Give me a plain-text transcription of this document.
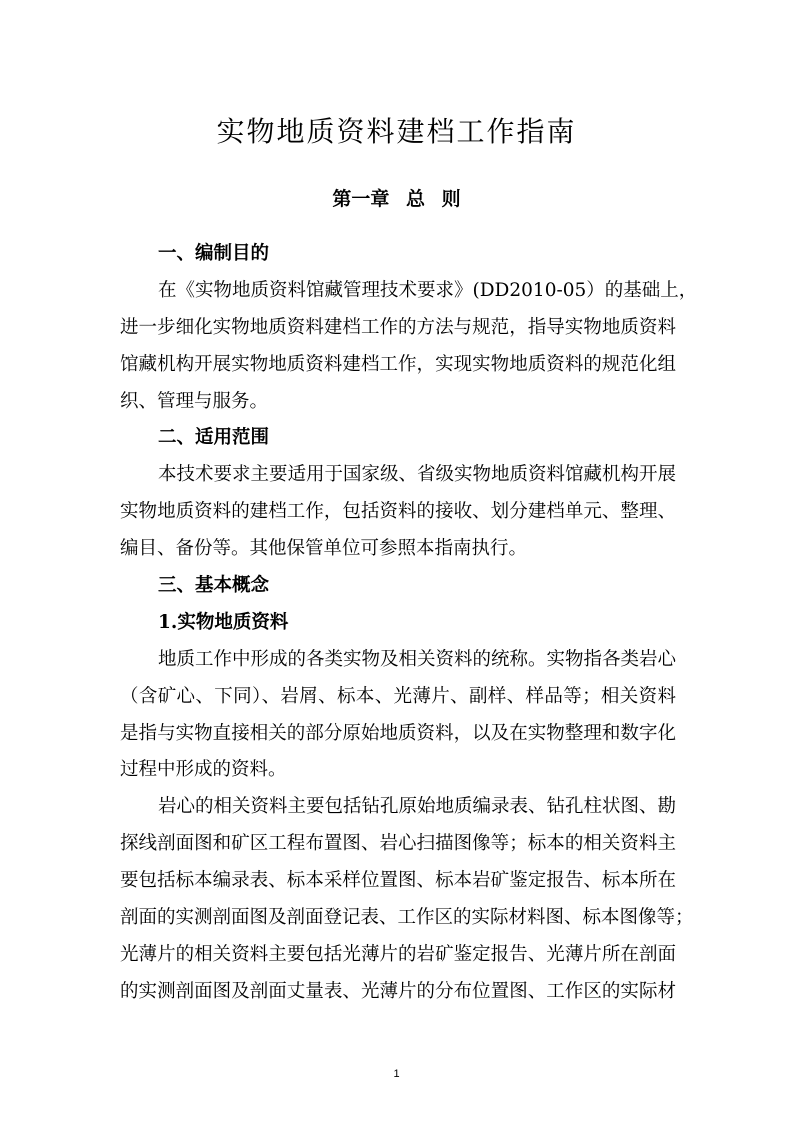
实物地质资料建档工作指南
第一章 总 则
一、编制目的
在《实物地质资料馆藏管理技术要求》(DD2010-05）的基础上，
进一步细化实物地质资料建档工作的方法与规范，指导实物地质资料
馆藏机构开展实物地质资料建档工作，实现实物地质资料的规范化组
织、管理与服务。
二、适用范围
本技术要求主要适用于国家级、省级实物地质资料馆藏机构开展
实物地质资料的建档工作，包括资料的接收、划分建档单元、整理、
编目、备份等。其他保管单位可参照本指南执行。
三、基本概念
1.实物地质资料
地质工作中形成的各类实物及相关资料的统称。实物指各类岩心
（含矿心、下同）、岩屑、标本、光薄片、副样、样品等；相关资料
是指与实物直接相关的部分原始地质资料，以及在实物整理和数字化
过程中形成的资料。
岩心的相关资料主要包括钻孔原始地质编录表、钻孔柱状图、勘
探线剖面图和矿区工程布置图、岩心扫描图像等；标本的相关资料主
要包括标本编录表、标本采样位置图、标本岩矿鉴定报告、标本所在
剖面的实测剖面图及剖面登记表、工作区的实际材料图、标本图像等；
光薄片的相关资料主要包括光薄片的岩矿鉴定报告、光薄片所在剖面
的实测剖面图及剖面丈量表、光薄片的分布位置图、工作区的实际材
1
